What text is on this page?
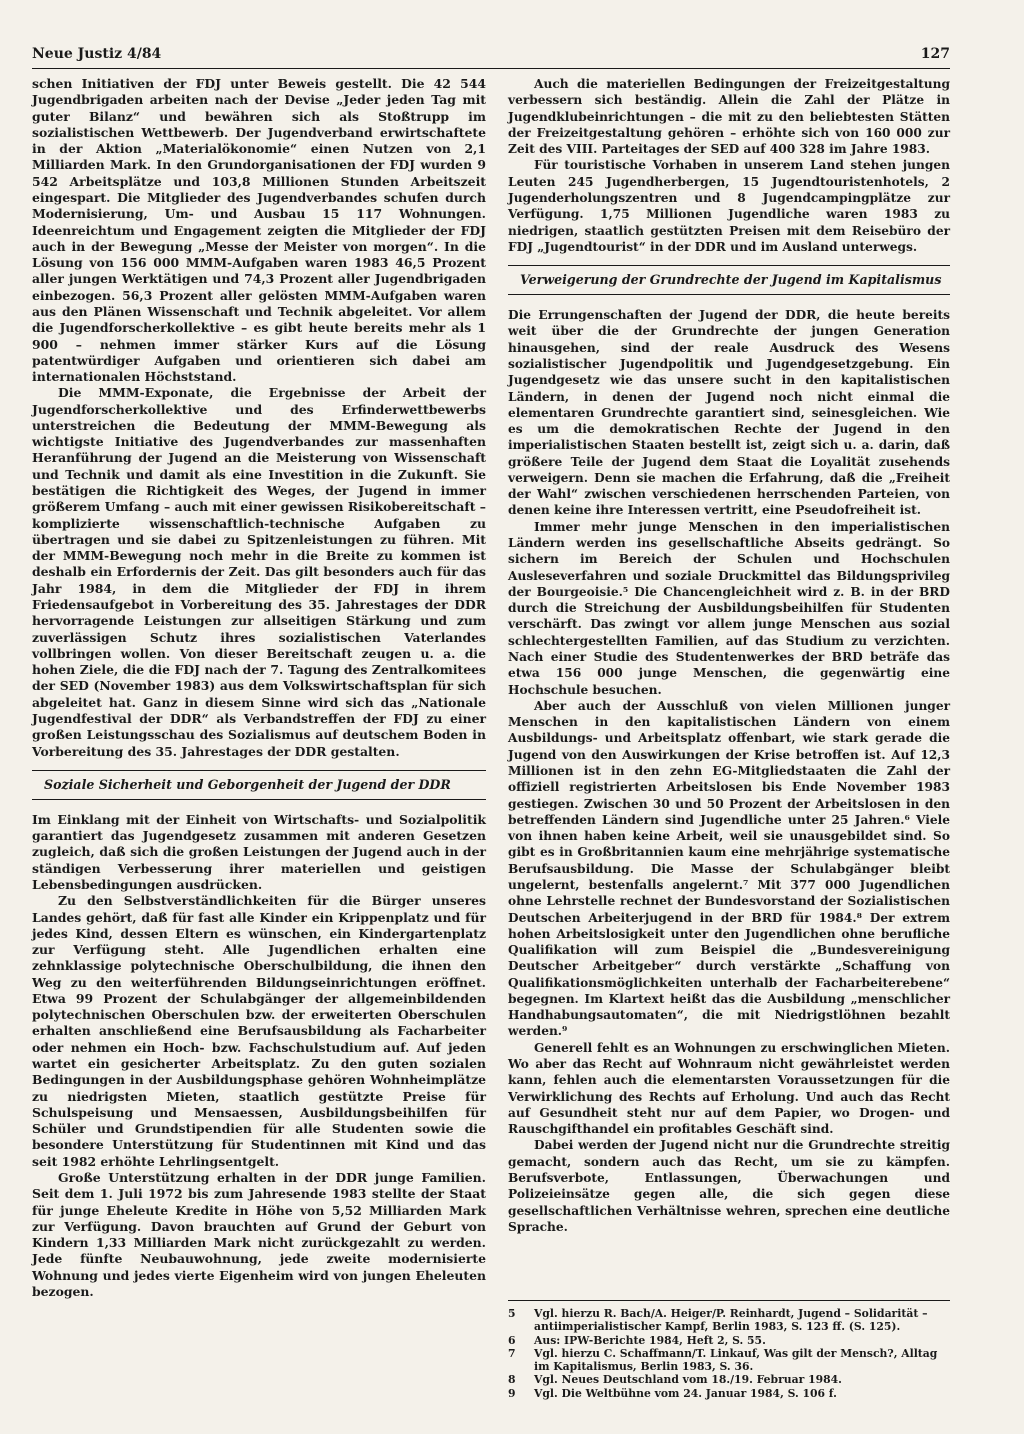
Neue Justiz 4/84	127

schen Initiativen der FDJ unter Beweis gestellt. Die 42 544 Jugendbrigaden arbeiten nach der Devise „Jeder jeden Tag mit guter Bilanz“ und bewähren sich als Stoßtrupp im sozialistischen Wettbewerb. Der Jugendverband erwirtschaftete in der Aktion „Materialökonomie“ einen Nutzen von 2,1 Milliarden Mark. In den Grundorganisationen der FDJ wurden 9 542 Arbeitsplätze und 103,8 Millionen Stunden Arbeitszeit eingespart. Die Mitglieder des Jugendverbandes schufen durch Modernisierung, Um- und Ausbau 15 117 Wohnungen. Ideenreichtum und Engagement zeigten die Mitglieder der FDJ auch in der Bewegung „Messe der Meister von morgen“. In die Lösung von 156 000 MMM-Aufgaben waren 1983 46,5 Prozent aller jungen Werktätigen und 74,3 Prozent aller Jugendbrigaden einbezogen. 56,3 Prozent aller gelösten MMM-Aufgaben waren aus den Plänen Wissenschaft und Technik abgeleitet. Vor allem die Jugendforscherkollektive – es gibt heute bereits mehr als 1 900 – nehmen immer stärker Kurs auf die Lösung patentwürdiger Aufgaben und orientieren sich dabei am internationalen Höchststand.

Die MMM-Exponate, die Ergebnisse der Arbeit der Jugendforscherkollektive und des Erfinderwettbewerbs unterstreichen die Bedeutung der MMM-Bewegung als wichtigste Initiative des Jugendverbandes zur massenhaften Heranführung der Jugend an die Meisterung von Wissenschaft und Technik und damit als eine Investition in die Zukunft. Sie bestätigen die Richtigkeit des Weges, der Jugend in immer größerem Umfang – auch mit einer gewissen Risikobereitschaft – komplizierte wissenschaftlich-technische Aufgaben zu übertragen und sie dabei zu Spitzenleistungen zu führen. Mit der MMM-Bewegung noch mehr in die Breite zu kommen ist deshalb ein Erfordernis der Zeit. Das gilt besonders auch für das Jahr 1984, in dem die Mitglieder der FDJ in ihrem Friedensaufgebot in Vorbereitung des 35. Jahrestages der DDR hervorragende Leistungen zur allseitigen Stärkung und zum zuverlässigen Schutz ihres sozialistischen Vaterlandes vollbringen wollen. Von dieser Bereitschaft zeugen u. a. die hohen Ziele, die die FDJ nach der 7. Tagung des Zentralkomitees der SED (November 1983) aus dem Volkswirtschaftsplan für sich abgeleitet hat. Ganz in diesem Sinne wird sich das „Nationale Jugendfestival der DDR“ als Verbandstreffen der FDJ zu einer großen Leistungsschau des Sozialismus auf deutschem Boden in Vorbereitung des 35. Jahrestages der DDR gestalten.

Soziale Sicherheit und Geborgenheit der Jugend der DDR

Im Einklang mit der Einheit von Wirtschafts- und Sozialpolitik garantiert das Jugendgesetz zusammen mit anderen Gesetzen zugleich, daß sich die großen Leistungen der Jugend auch in der ständigen Verbesserung ihrer materiellen und geistigen Lebensbedingungen ausdrücken.

Zu den Selbstverständlichkeiten für die Bürger unseres Landes gehört, daß für fast alle Kinder ein Krippenplatz und für jedes Kind, dessen Eltern es wünschen, ein Kindergartenplatz zur Verfügung steht. Alle Jugendlichen erhalten eine zehnklassige polytechnische Oberschulbildung, die ihnen den Weg zu den weiterführenden Bildungseinrichtungen eröffnet. Etwa 99 Prozent der Schulabgänger der allgemeinbildenden polytechnischen Oberschulen bzw. der erweiterten Oberschulen erhalten anschließend eine Berufsausbildung als Facharbeiter oder nehmen ein Hoch- bzw. Fachschulstudium auf. Auf jeden wartet ein gesicherter Arbeitsplatz. Zu den guten sozialen Bedingungen in der Ausbildungsphase gehören Wohnheimplätze zu niedrigsten Mieten, staatlich gestützte Preise für Schulspeisung und Mensaessen, Ausbildungsbeihilfen für Schüler und Grundstipendien für alle Studenten sowie die besondere Unterstützung für Studentinnen mit Kind und das seit 1982 erhöhte Lehrlingsentgelt.

Große Unterstützung erhalten in der DDR junge Familien. Seit dem 1. Juli 1972 bis zum Jahresende 1983 stellte der Staat für junge Eheleute Kredite in Höhe von 5,52 Milliarden Mark zur Verfügung. Davon brauchten auf Grund der Geburt von Kindern 1,33 Milliarden Mark nicht zurückgezahlt zu werden. Jede fünfte Neubauwohnung, jede zweite modernisierte Wohnung und jedes vierte Eigenheim wird von jungen Eheleuten bezogen.

Auch die materiellen Bedingungen der Freizeitgestaltung verbessern sich beständig. Allein die Zahl der Plätze in Jugendklubeinrichtungen – die mit zu den beliebtesten Stätten der Freizeitgestaltung gehören – erhöhte sich von 160 000 zur Zeit des VIII. Parteitages der SED auf 400 328 im Jahre 1983.

Für touristische Vorhaben in unserem Land stehen jungen Leuten 245 Jugendherbergen, 15 Jugendtouristenhotels, 2 Jugenderholungszentren und 8 Jugendcampingplätze zur Verfügung. 1,75 Millionen Jugendliche waren 1983 zu niedrigen, staatlich gestützten Preisen mit dem Reisebüro der FDJ „Jugendtourist“ in der DDR und im Ausland unterwegs.

Verweigerung der Grundrechte der Jugend im Kapitalismus

Die Errungenschaften der Jugend der DDR, die heute bereits weit über die der Grundrechte der jungen Generation hinausgehen, sind der reale Ausdruck des Wesens sozialistischer Jugendpolitik und Jugendgesetzgebung. Ein Jugendgesetz wie das unsere sucht in den kapitalistischen Ländern, in denen der Jugend noch nicht einmal die elementaren Grundrechte garantiert sind, seinesgleichen. Wie es um die demokratischen Rechte der Jugend in den imperialistischen Staaten bestellt ist, zeigt sich u. a. darin, daß größere Teile der Jugend dem Staat die Loyalität zusehends verweigern. Denn sie machen die Erfahrung, daß die „Freiheit der Wahl“ zwischen verschiedenen herrschenden Parteien, von denen keine ihre Interessen vertritt, eine Pseudofreiheit ist.

Immer mehr junge Menschen in den imperialistischen Ländern werden ins gesellschaftliche Abseits gedrängt. So sichern im Bereich der Schulen und Hochschulen Ausleseverfahren und soziale Druckmittel das Bildungsprivileg der Bourgeoisie.⁵ Die Chancengleichheit wird z. B. in der BRD durch die Streichung der Ausbildungsbeihilfen für Studenten verschärft. Das zwingt vor allem junge Menschen aus sozial schlechtergestellten Familien, auf das Studium zu verzichten. Nach einer Studie des Studentenwerkes der BRD beträfe das etwa 156 000 junge Menschen, die gegenwärtig eine Hochschule besuchen.

Aber auch der Ausschluß von vielen Millionen junger Menschen in den kapitalistischen Ländern von einem Ausbildungs- und Arbeitsplatz offenbart, wie stark gerade die Jugend von den Auswirkungen der Krise betroffen ist. Auf 12,3 Millionen ist in den zehn EG-Mitgliedstaaten die Zahl der offiziell registrierten Arbeitslosen bis Ende November 1983 gestiegen. Zwischen 30 und 50 Prozent der Arbeitslosen in den betreffenden Ländern sind Jugendliche unter 25 Jahren.⁶ Viele von ihnen haben keine Arbeit, weil sie unausgebildet sind. So gibt es in Großbritannien kaum eine mehrjährige systematische Berufsausbildung. Die Masse der Schulabgänger bleibt ungelernt, bestenfalls angelernt.⁷ Mit 377 000 Jugendlichen ohne Lehrstelle rechnet der Bundesvorstand der Sozialistischen Deutschen Arbeiterjugend in der BRD für 1984.⁸ Der extrem hohen Arbeitslosigkeit unter den Jugendlichen ohne berufliche Qualifikation will zum Beispiel die „Bundesvereinigung Deutscher Arbeitgeber“ durch verstärkte „Schaffung von Qualifikationsmöglichkeiten unterhalb der Facharbeiterebene“ begegnen. Im Klartext heißt das die Ausbildung „menschlicher Handhabungsautomaten“, die mit Niedrigstlöhnen bezahlt werden.⁹

Generell fehlt es an Wohnungen zu erschwinglichen Mieten. Wo aber das Recht auf Wohnraum nicht gewährleistet werden kann, fehlen auch die elementarsten Voraussetzungen für die Verwirklichung des Rechts auf Erholung. Und auch das Recht auf Gesundheit steht nur auf dem Papier, wo Drogen- und Rauschgifthandel ein profitables Geschäft sind.

Dabei werden der Jugend nicht nur die Grundrechte streitig gemacht, sondern auch das Recht, um sie zu kämpfen. Berufsverbote, Entlassungen, Überwachungen und Polizeieinsätze gegen alle, die sich gegen diese gesellschaftlichen Verhältnisse wehren, sprechen eine deutliche Sprache.

5 Vgl. hierzu R. Bach/A. Heiger/P. Reinhardt, Jugend – Solidarität – antiimperialistischer Kampf, Berlin 1983, S. 123 ff. (S. 125).

6 Aus: IPW-Berichte 1984, Heft 2, S. 55.

7 Vgl. hierzu C. Schaffmann/T. Linkauf, Was gilt der Mensch?, Alltag im Kapitalismus, Berlin 1983, S. 36.

8 Vgl. Neues Deutschland vom 18./19. Februar 1984.

9 Vgl. Die Weltbühne vom 24. Januar 1984, S. 106 f.
